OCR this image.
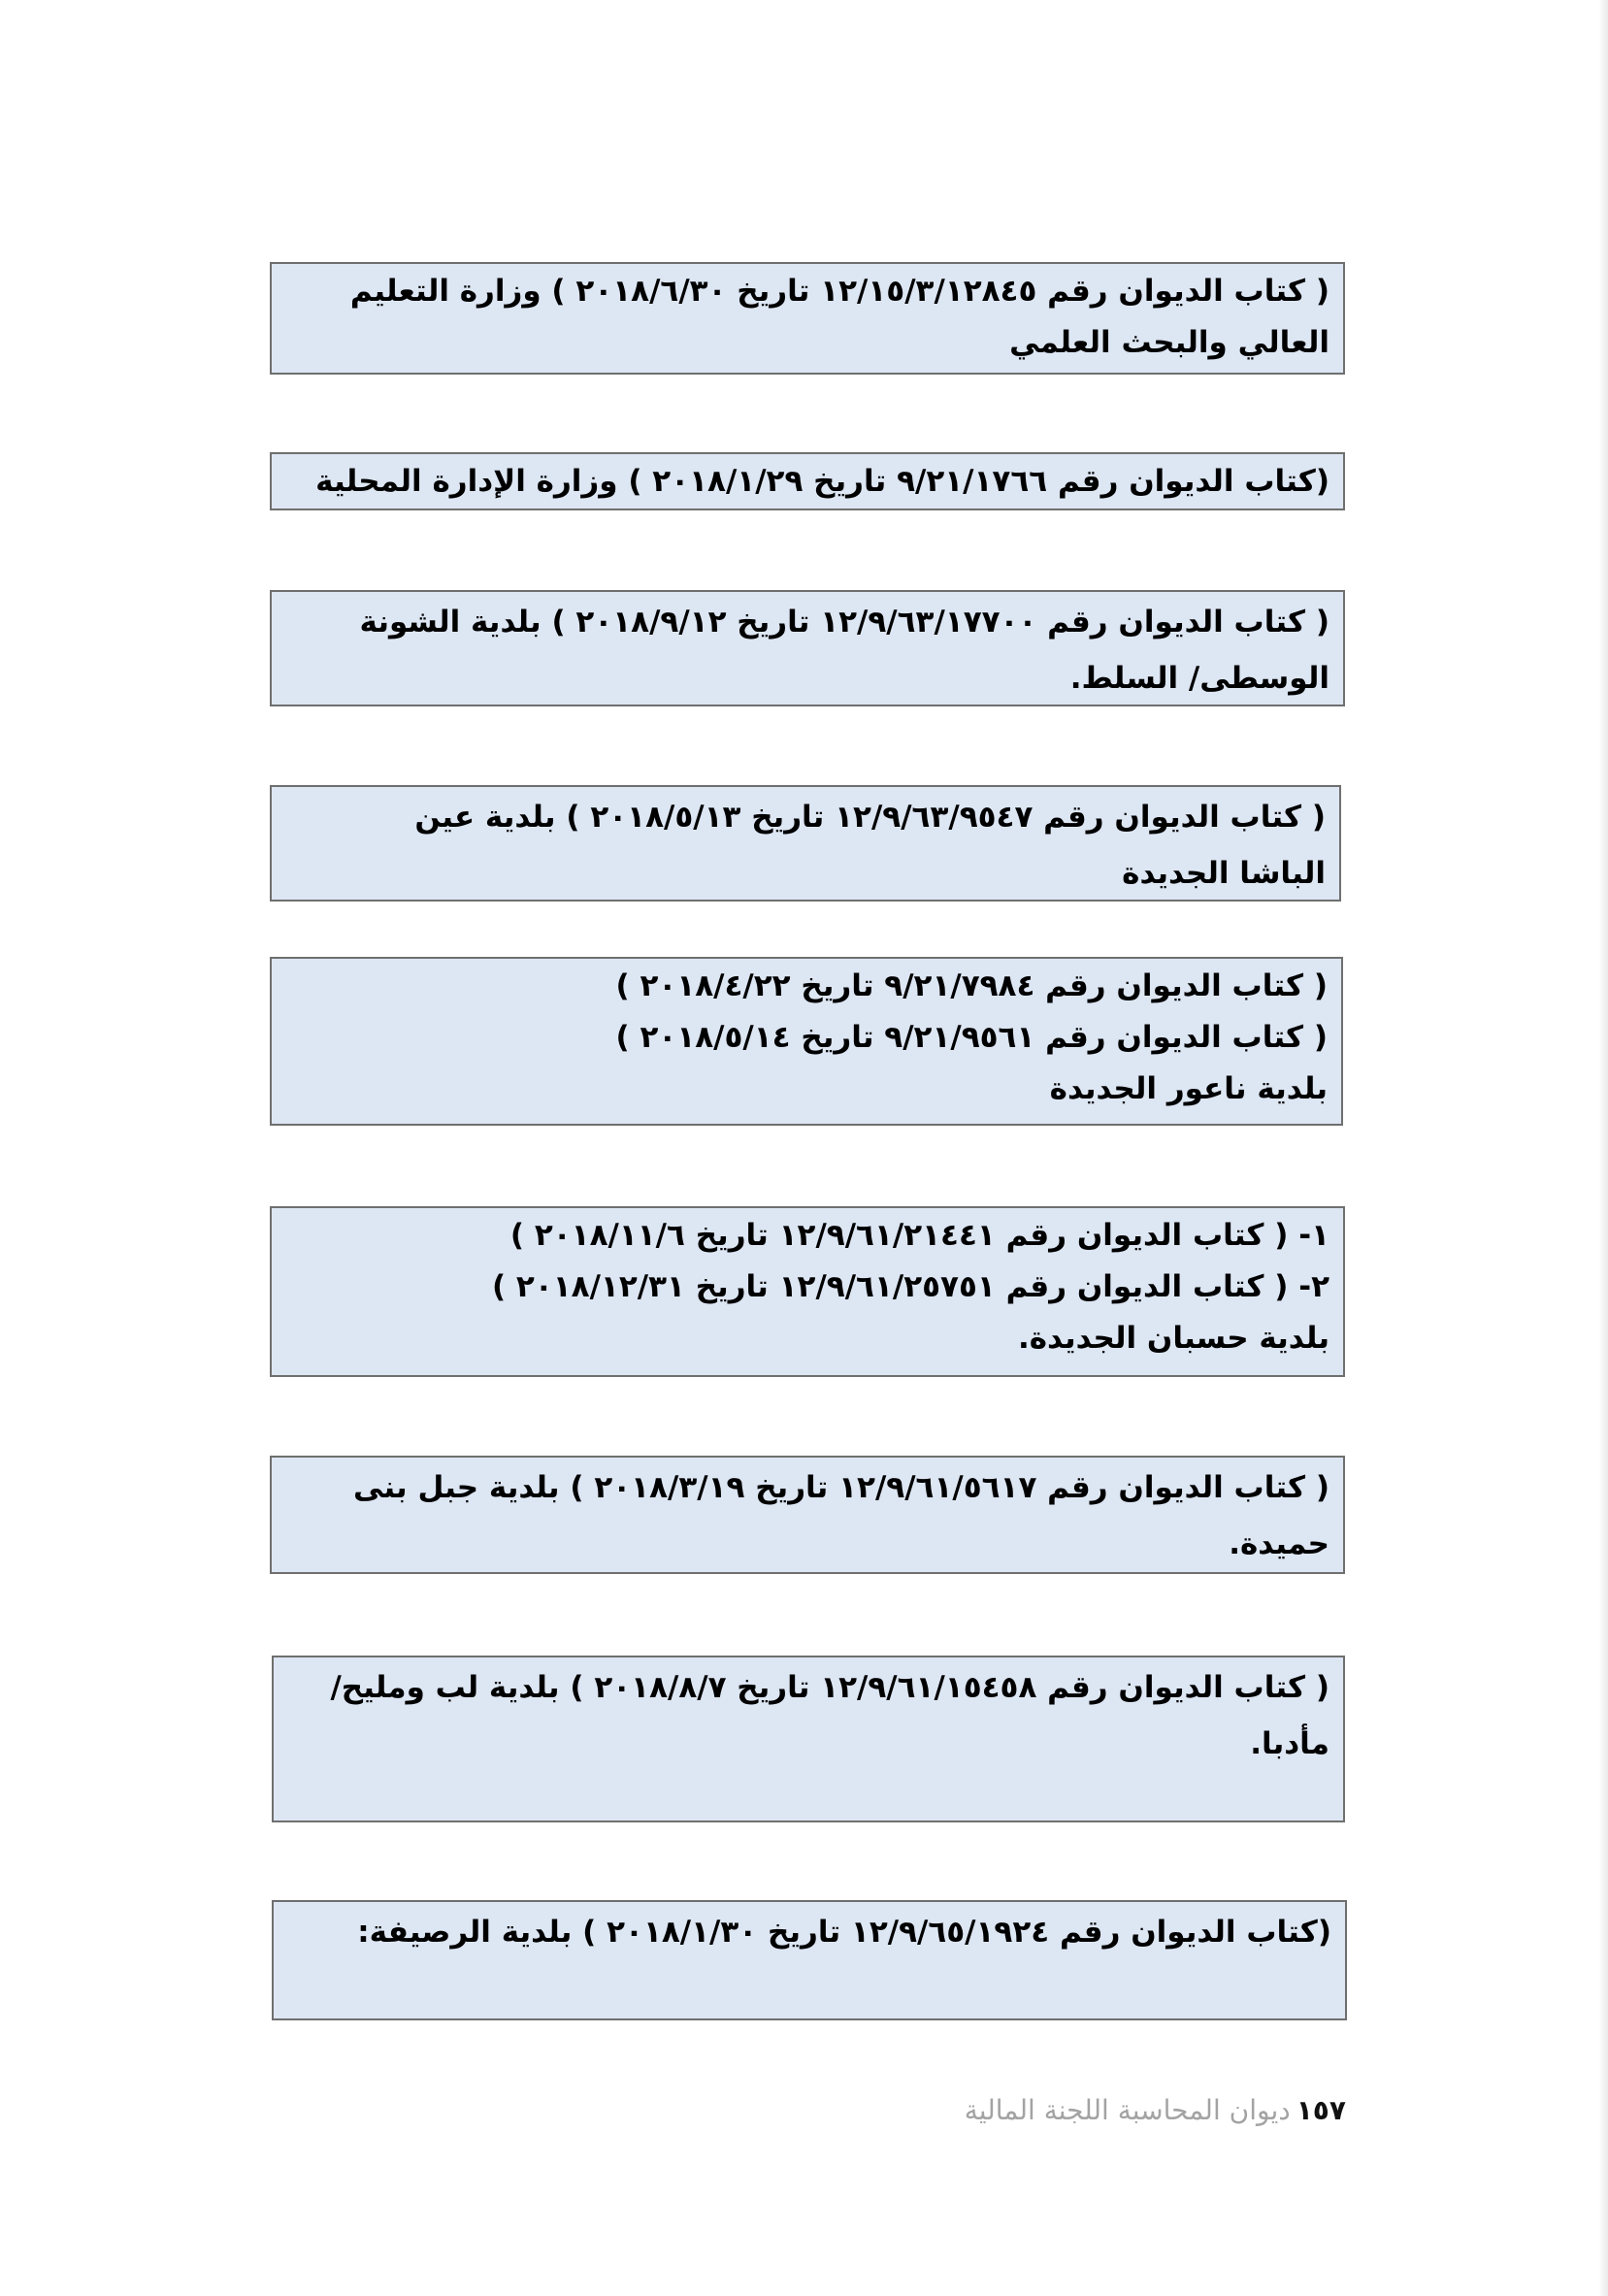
( كتاب الديوان رقم ١٢/١٥/٣/١٢٨٤٥ تاريخ ٢٠١٨/٦/٣٠ ) وزارة التعليم
العالي والبحث العلمي
(كتاب الديوان رقم ٩/٢١/١٧٦٦ تاريخ ٢٠١٨/١/٢٩ ) وزارة الإدارة المحلية
( كتاب الديوان رقم ١٢/٩/٦٣/١٧٧٠٠ تاريخ ٢٠١٨/٩/١٢ ) بلدية الشونة
الوسطى/ السلط.
( كتاب الديوان رقم ١٢/٩/٦٣/٩٥٤٧ تاريخ ٢٠١٨/٥/١٣ ) بلدية عين
الباشا الجديدة
( كتاب الديوان رقم ٩/٢١/٧٩٨٤ تاريخ ٢٠١٨/٤/٢٢ )
( كتاب الديوان رقم ٩/٢١/٩٥٦١ تاريخ ٢٠١٨/٥/١٤ )
بلدية ناعور الجديدة
١- ( كتاب الديوان رقم ١٢/٩/٦١/٢١٤٤١ تاريخ ٢٠١٨/١١/٦ )
٢- ( كتاب الديوان رقم ١٢/٩/٦١/٢٥٧٥١ تاريخ ٢٠١٨/١٢/٣١ )
بلدية حسبان الجديدة.
( كتاب الديوان رقم ١٢/٩/٦١/٥٦١٧ تاريخ ٢٠١٨/٣/١٩ ) بلدية جبل بنى
حميدة.
( كتاب الديوان رقم ١٢/٩/٦١/١٥٤٥٨ تاريخ ٢٠١٨/٨/٧ ) بلدية لب ومليح/
مأدبا.
(كتاب الديوان رقم ١٢/٩/٦٥/١٩٢٤ تاريخ ٢٠١٨/١/٣٠ ) بلدية الرصيفة:
١٥٧ديوان المحاسبة اللجنة المالية
